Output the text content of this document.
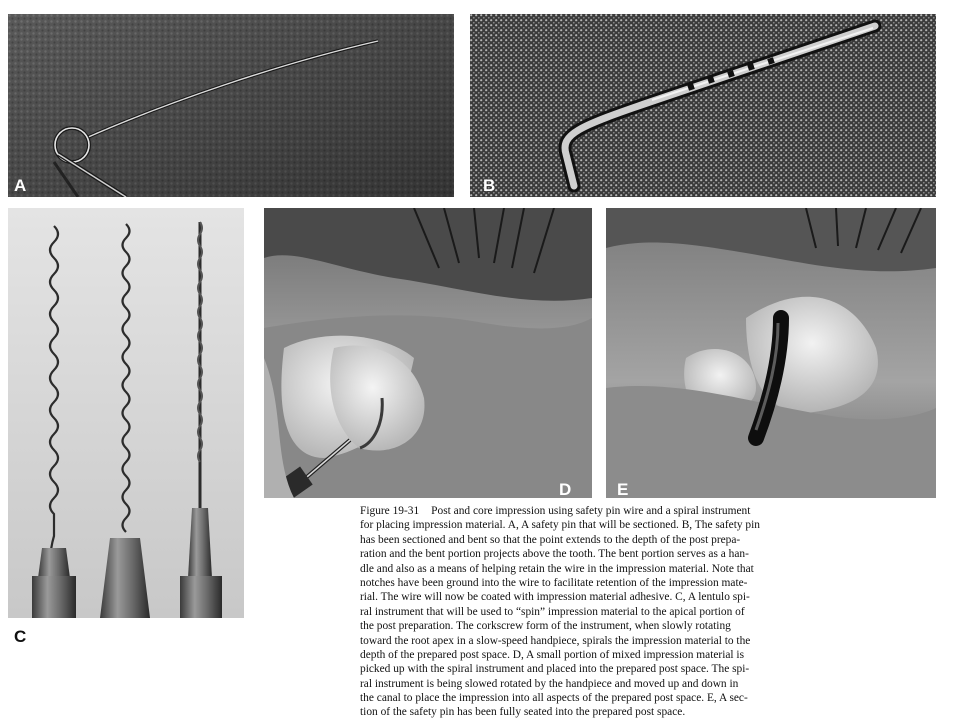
A	B
C
D	E
Figure 19-31 Post and core impression using safety pin wire and a spiral instrument
for placing impression material. A, A safety pin that will be sectioned. B, The safety pin
has been sectioned and bent so that the point extends to the depth of the post prepa-
ration and the bent portion projects above the tooth. The bent portion serves as a han-
dle and also as a means of helping retain the wire in the impression material. Note that
notches have been ground into the wire to facilitate retention of the impression mate-
rial. The wire will now be coated with impression material adhesive. C, A lentulo spi-
ral instrument that will be used to “spin” impression material to the apical portion of
the post preparation. The corkscrew form of the instrument, when slowly rotating
toward the root apex in a slow-speed handpiece, spirals the impression material to the
depth of the prepared post space. D, A small portion of mixed impression material is
picked up with the spiral instrument and placed into the prepared post space. The spi-
ral instrument is being slowed rotated by the handpiece and moved up and down in
the canal to place the impression into all aspects of the prepared post space. E, A sec-
tion of the safety pin has been fully seated into the prepared post space.
